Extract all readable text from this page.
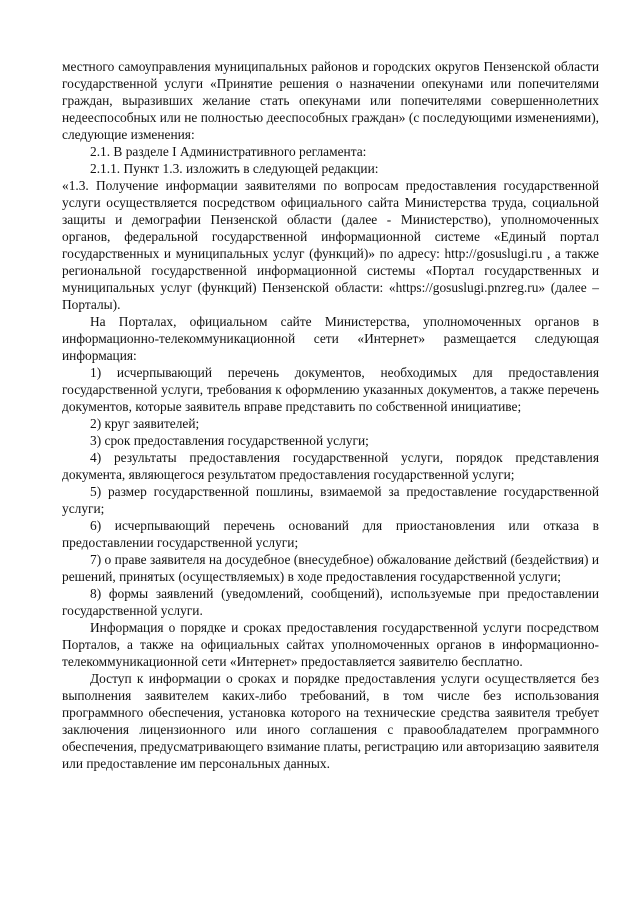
местного самоуправления муниципальных районов и городских округов Пензенской области государственной услуги «Принятие решения о назначении опекунами или попечителями граждан, выразивших желание стать опекунами или попечителями совершеннолетних недееспособных или не полностью дееспособных граждан» (с последующими изменениями), следующие изменения:

2.1. В разделе I Административного регламента:

2.1.1. Пункт 1.3. изложить в следующей редакции:

«1.3. Получение информации заявителями по вопросам предоставления государственной услуги осуществляется посредством официального сайта Министерства труда, социальной защиты и демографии Пензенской области (далее - Министерство), уполномоченных органов, федеральной государственной информационной системе «Единый портал государственных и муниципальных услуг (функций)» по адресу: http://gosuslugi.ru , а также региональной государственной информационной системы «Портал государственных и муниципальных услуг (функций) Пензенской области: «https://gosuslugi.pnzreg.ru» (далее – Порталы).

На Порталах, официальном сайте Министерства, уполномоченных органов в информационно-телекоммуникационной сети «Интернет» размещается следующая информация:

1) исчерпывающий перечень документов, необходимых для предоставления государственной услуги, требования к оформлению указанных документов, а также перечень документов, которые заявитель вправе представить по собственной инициативе;

2) круг заявителей;

3) срок предоставления государственной услуги;

4) результаты предоставления государственной услуги, порядок представления документа, являющегося результатом предоставления государственной услуги;

5) размер государственной пошлины, взимаемой за предоставление государственной услуги;

6) исчерпывающий перечень оснований для приостановления или отказа в предоставлении государственной услуги;

7) о праве заявителя на досудебное (внесудебное) обжалование действий (бездействия) и решений, принятых (осуществляемых) в ходе предоставления государственной услуги;

8) формы заявлений (уведомлений, сообщений), используемые при предоставлении государственной услуги.

Информация о порядке и сроках предоставления государственной услуги посредством Порталов, а также на официальных сайтах уполномоченных органов в информационно-телекоммуникационной сети «Интернет» предоставляется заявителю бесплатно.

Доступ к информации о сроках и порядке предоставления услуги осуществляется без выполнения заявителем каких-либо требований, в том числе без использования программного обеспечения, установка которого на технические средства заявителя требует заключения лицензионного или иного соглашения с правообладателем программного обеспечения, предусматривающего взимание платы, регистрацию или авторизацию заявителя или предоставление им персональных данных.
